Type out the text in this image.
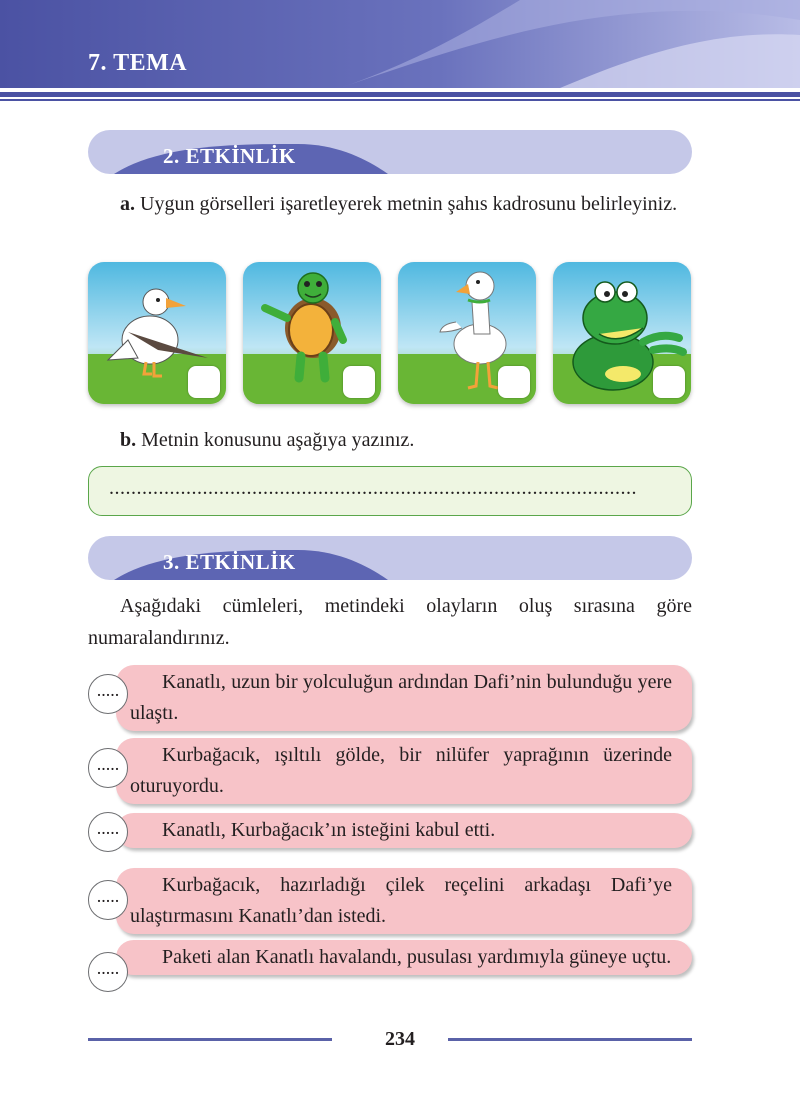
7. TEMA
2. ETKİNLİK
a. Uygun görselleri işaretleyerek metnin şahıs kadrosunu belirleyiniz.
b. Metnin konusunu aşağıya yazınız.
................................................................................................
3. ETKİNLİK
Aşağıdaki cümleleri, metindeki olayların oluş sırasına göre numaralandırınız.
Kanatlı, uzun bir yolculuğun ardından Dafi’nin bulunduğu yere ulaştı.
.....
Kurbağacık, ışıltılı gölde, bir nilüfer yaprağının üzerinde oturuyordu.
.....
Kanatlı, Kurbağacık’ın isteğini kabul etti.
.....
Kurbağacık, hazırladığı çilek reçelini arkadaşı Dafi’ye ulaştırmasını Kanatlı’dan istedi.
.....
Paketi alan Kanatlı havalandı, pusulası yardımıyla güneye uçtu.
.....
234
